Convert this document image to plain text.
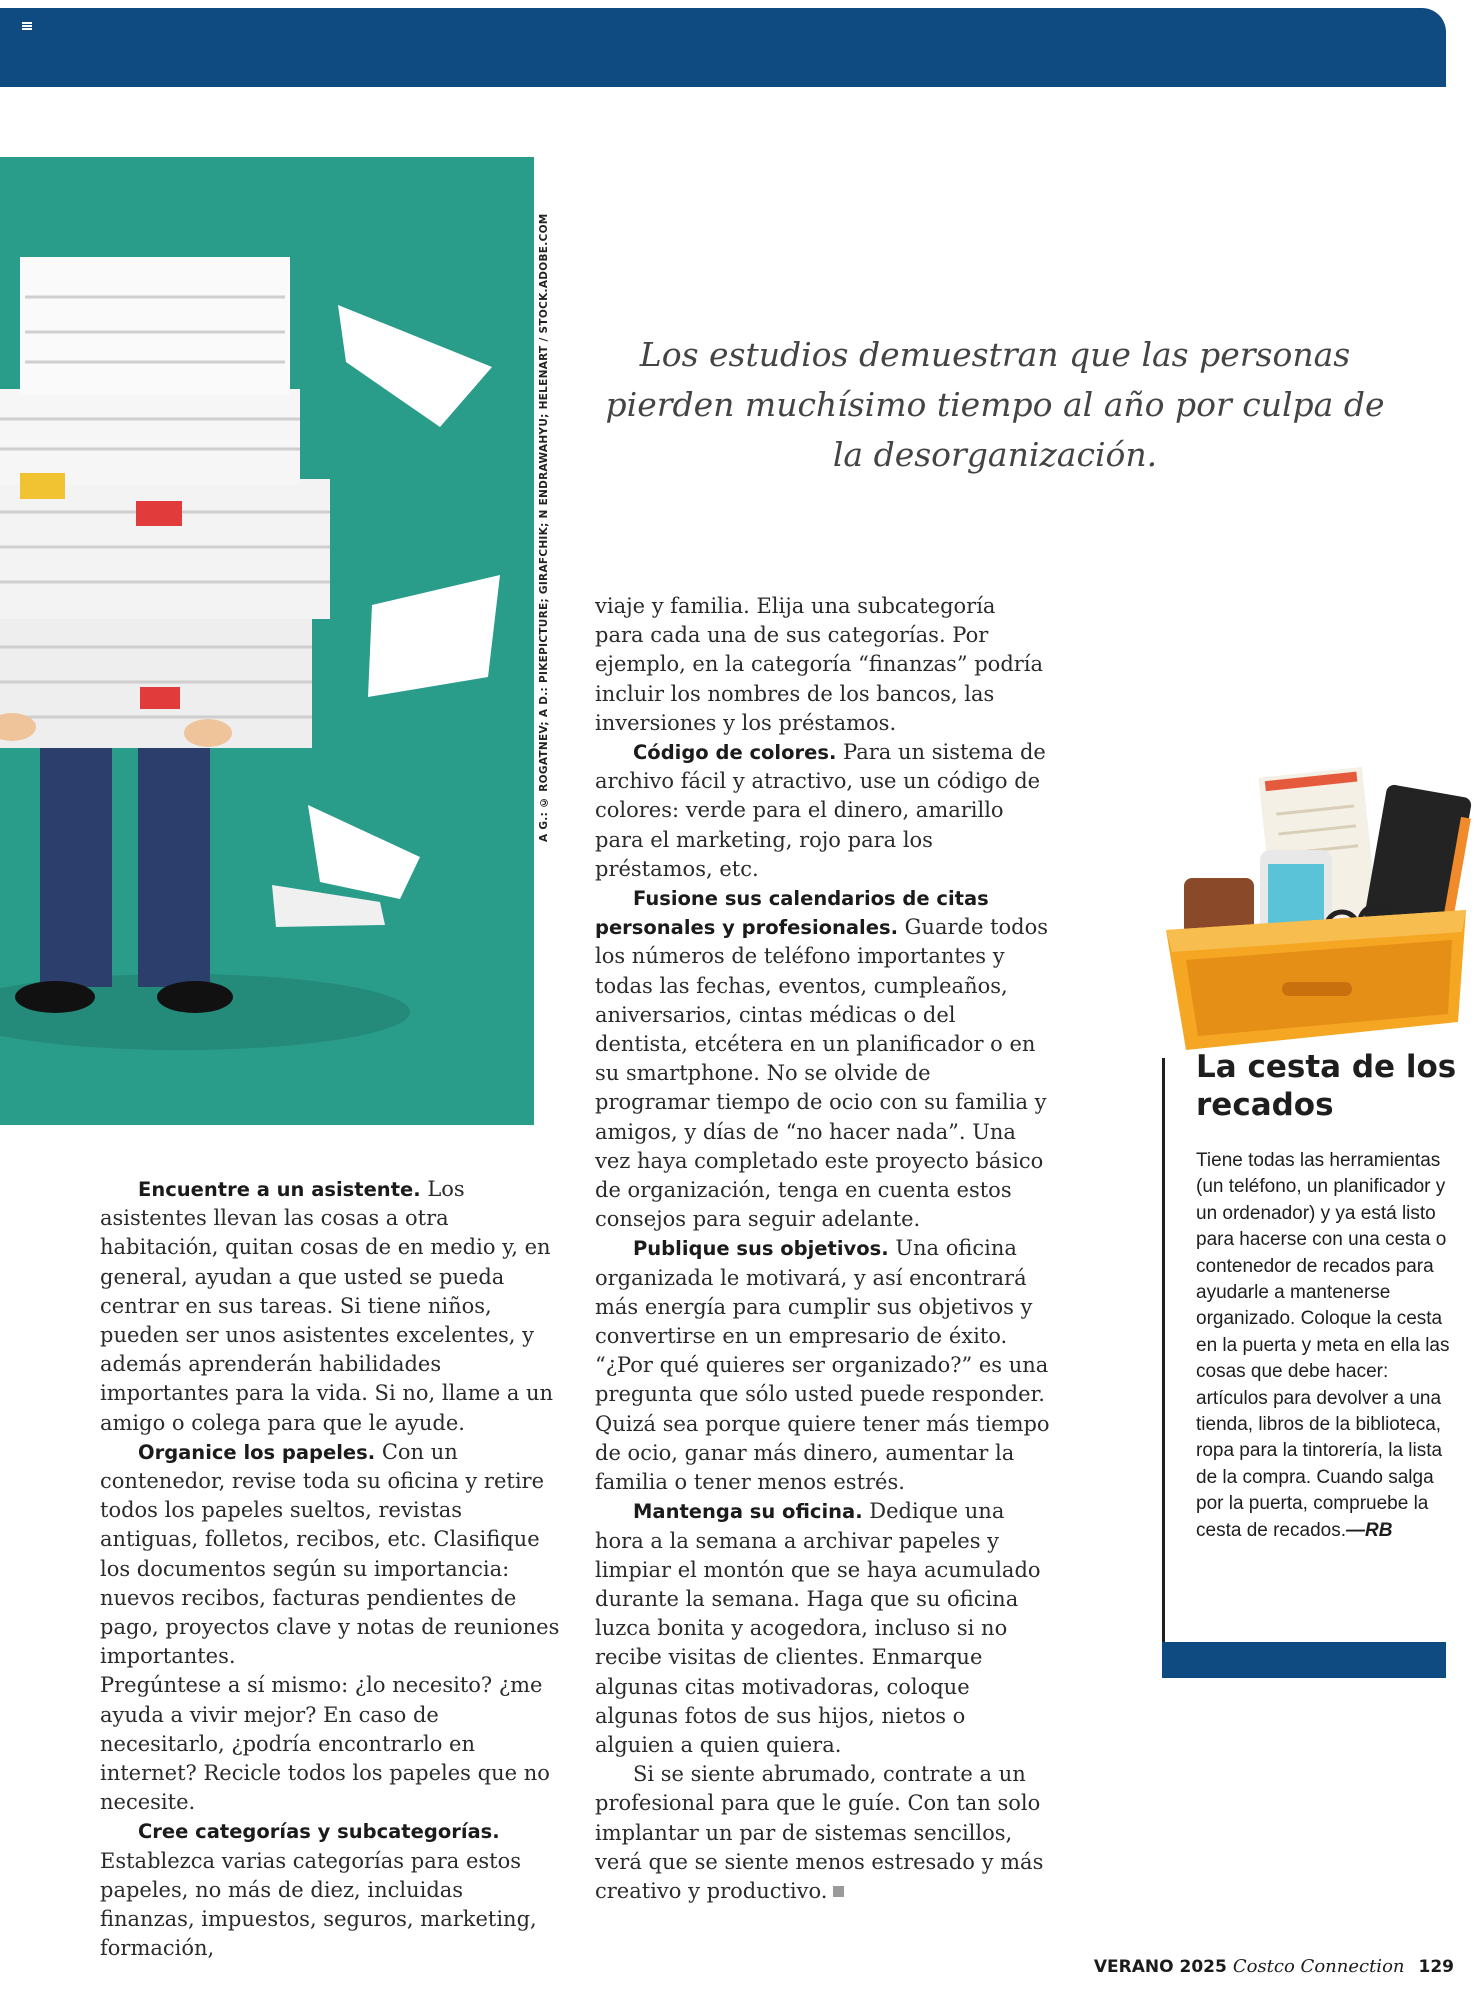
A G.: © ROGATNEV; A D.: PIKEPICTURE; GIRAFCHIK; N ENDRAWAHYU; HELENART / STOCK.ADOBE.COM	Los estudios demuestran que las personas pierden muchísimo tiempo al año por culpa de la desorganización.

Encuentre a un asistente. Los asistentes llevan las cosas a otra habitación, quitan cosas de en medio y, en general, ayudan a que usted se pueda centrar en sus tareas. Si tiene niños, pueden ser unos asistentes excelentes, y además aprenderán habilidades importantes para la vida. Si no, llame a un amigo o colega para que le ayude.

Organice los papeles. Con un contenedor, revise toda su oficina y retire todos los papeles sueltos, revistas antiguas, folletos, recibos, etc. Clasifique los documentos según su importancia: nuevos recibos, facturas pendientes de pago, proyectos clave y notas de reuniones importantes.

Pregúntese a sí mismo: ¿lo necesito? ¿me ayuda a vivir mejor? En caso de necesitarlo, ¿podría encontrarlo en internet? Recicle todos los papeles que no necesite.

Cree categorías y subcategorías. Establezca varias categorías para estos papeles, no más de diez, incluidas finanzas, impuestos, seguros, marketing, formación,

viaje y familia. Elija una subcategoría para cada una de sus categorías. Por ejemplo, en la categoría “finanzas” podría incluir los nombres de los bancos, las inversiones y los préstamos.

Código de colores. Para un sistema de archivo fácil y atractivo, use un código de colores: verde para el dinero, amarillo para el marketing, rojo para los préstamos, etc.

Fusione sus calendarios de citas personales y profesionales. Guarde todos los números de teléfono importantes y todas las fechas, eventos, cumpleaños, aniversarios, cintas médicas o del dentista, etcétera en un planificador o en su smartphone. No se olvide de programar tiempo de ocio con su familia y amigos, y días de “no hacer nada”. Una vez haya completado este proyecto básico de organización, tenga en cuenta estos consejos para seguir adelante.

Publique sus objetivos. Una oficina organizada le motivará, y así encontrará más energía para cumplir sus objetivos y convertirse en un empresario de éxito. “¿Por qué quieres ser organizado?” es una pregunta que sólo usted puede responder. Quizá sea porque quiere tener más tiempo de ocio, ganar más dinero, aumentar la familia o tener menos estrés.

Mantenga su oficina. Dedique una hora a la semana a archivar papeles y limpiar el montón que se haya acumulado durante la semana. Haga que su oficina luzca bonita y acogedora, incluso si no recibe visitas de clientes. Enmarque algunas citas motivadoras, coloque algunas fotos de sus hijos, nietos o alguien a quien quiera.

Si se siente abrumado, contrate a un profesional para que le guíe. Con tan solo implantar un par de sistemas sencillos, verá que se siente menos estresado y más creativo y productivo.

La cesta de los recados

Tiene todas las herramientas (un teléfono, un planificador y un ordenador) y ya está listo para hacerse con una cesta o contenedor de recados para ayudarle a mantenerse organizado. Coloque la cesta en la puerta y meta en ella las cosas que debe hacer: artículos para devolver a una tienda, libros de la biblioteca, ropa para la tintorería, la lista de la compra. Cuando salga por la puerta, compruebe la cesta de recados.—RB

VERANO 2025 Costco Connection 129
